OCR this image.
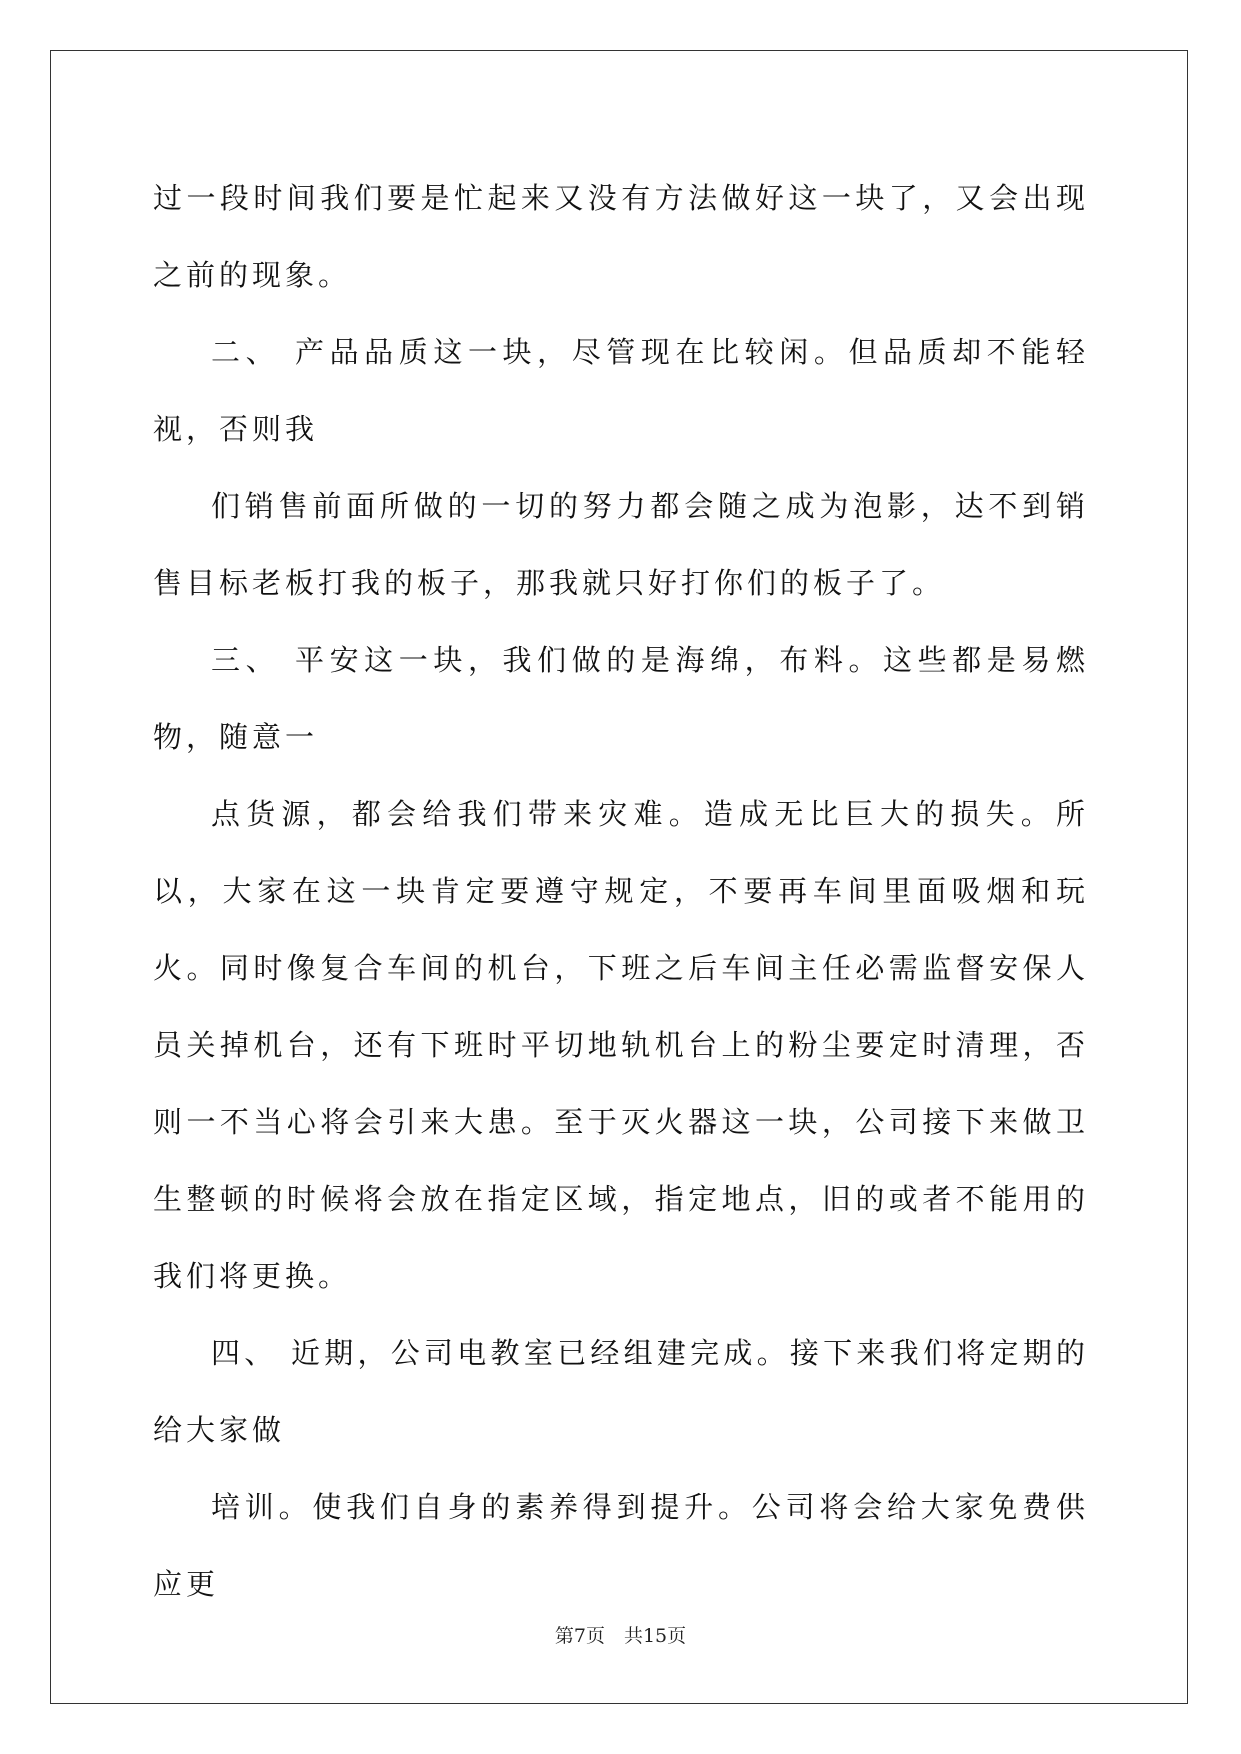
过一段时间我们要是忙起来又没有方法做好这一块了，又会出现之前的现象。

二、 产品品质这一块，尽管现在比较闲。但品质却不能轻视，否则我

们销售前面所做的一切的努力都会随之成为泡影，达不到销售目标老板打我的板子，那我就只好打你们的板子了。

三、 平安这一块，我们做的是海绵，布料。这些都是易燃物，随意一

点货源，都会给我们带来灾难。造成无比巨大的损失。所以，大家在这一块肯定要遵守规定，不要再车间里面吸烟和玩火。同时像复合车间的机台，下班之后车间主任必需监督安保人员关掉机台，还有下班时平切地轨机台上的粉尘要定时清理，否则一不当心将会引来大患。至于灭火器这一块，公司接下来做卫生整顿的时候将会放在指定区域，指定地点，旧的或者不能用的我们将更换。

四、 近期，公司电教室已经组建完成。接下来我们将定期的给大家做

培训。使我们自身的素养得到提升。公司将会给大家免费供应更

第7页　共15页
